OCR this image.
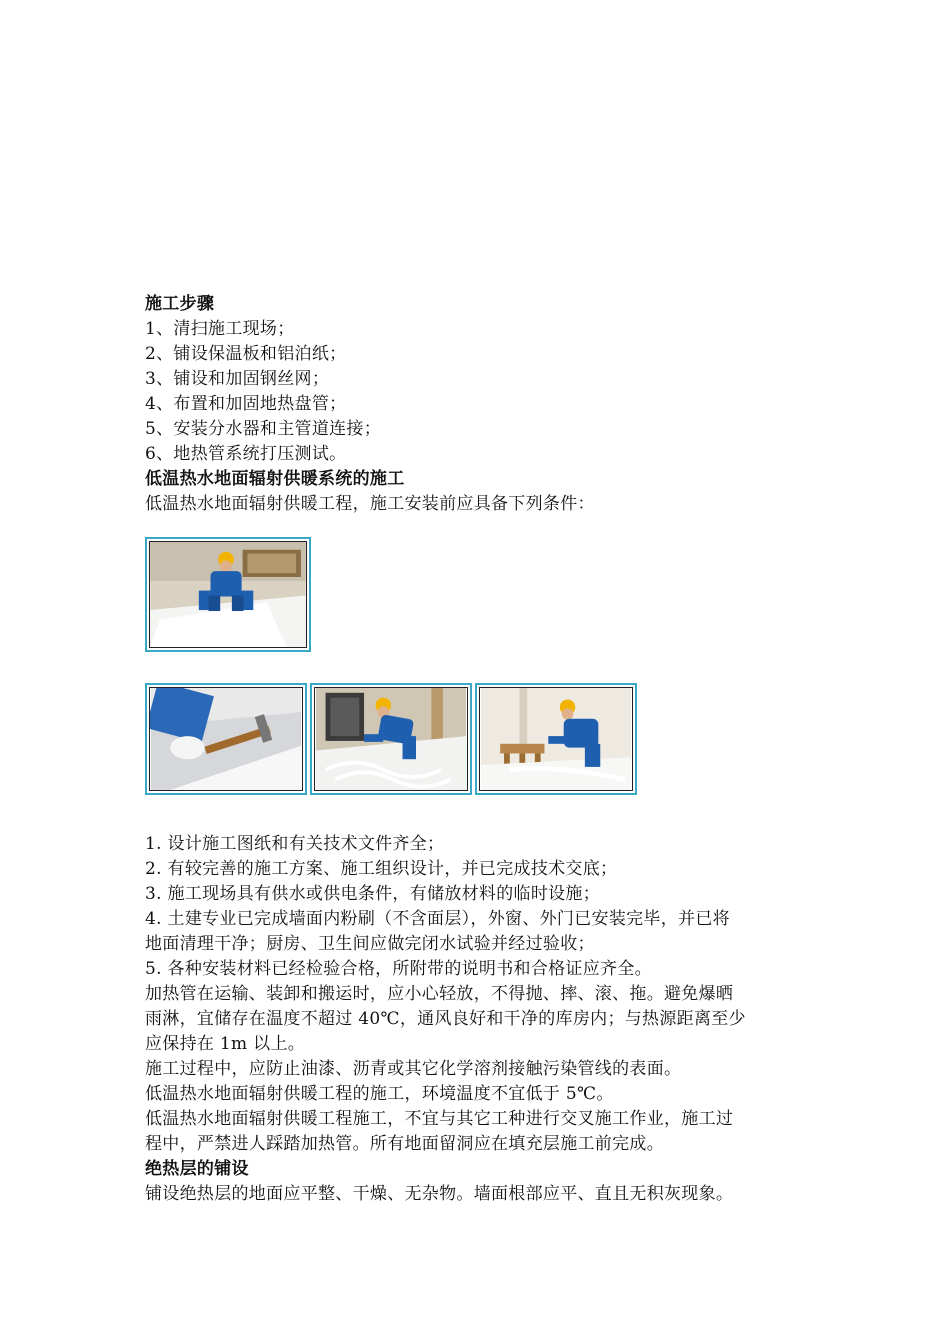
施工步骤
1、清扫施工现场；
2、铺设保温板和铝泊纸；
3、铺设和加固钢丝网；
4、布置和加固地热盘管；
5、安装分水器和主管道连接；
6、地热管系统打压测试。
低温热水地面辐射供暖系统的施工
低温热水地面辐射供暖工程，施工安装前应具备下列条件：
1. 设计施工图纸和有关技术文件齐全；
2. 有较完善的施工方案、施工组织设计，并已完成技术交底；
3. 施工现场具有供水或供电条件，有储放材料的临时设施；
4. 土建专业已完成墙面内粉刷（不含面层），外窗、外门已安装完毕，并已将
地面清理干净；厨房、卫生间应做完闭水试验并经过验收；
5. 各种安装材料已经检验合格，所附带的说明书和合格证应齐全。
加热管在运输、装卸和搬运时，应小心轻放，不得抛、摔、滚、拖。避免爆晒
雨淋，宜储存在温度不超过 40℃，通风良好和干净的库房内；与热源距离至少
应保持在 1m 以上。
施工过程中，应防止油漆、沥青或其它化学溶剂接触污染管线的表面。
低温热水地面辐射供暖工程的施工，环境温度不宜低于 5℃。
低温热水地面辐射供暖工程施工，不宜与其它工种进行交叉施工作业，施工过
程中，严禁进人踩踏加热管。所有地面留洞应在填充层施工前完成。
绝热层的铺设
铺设绝热层的地面应平整、干燥、无杂物。墙面根部应平、直且无积灰现象。
